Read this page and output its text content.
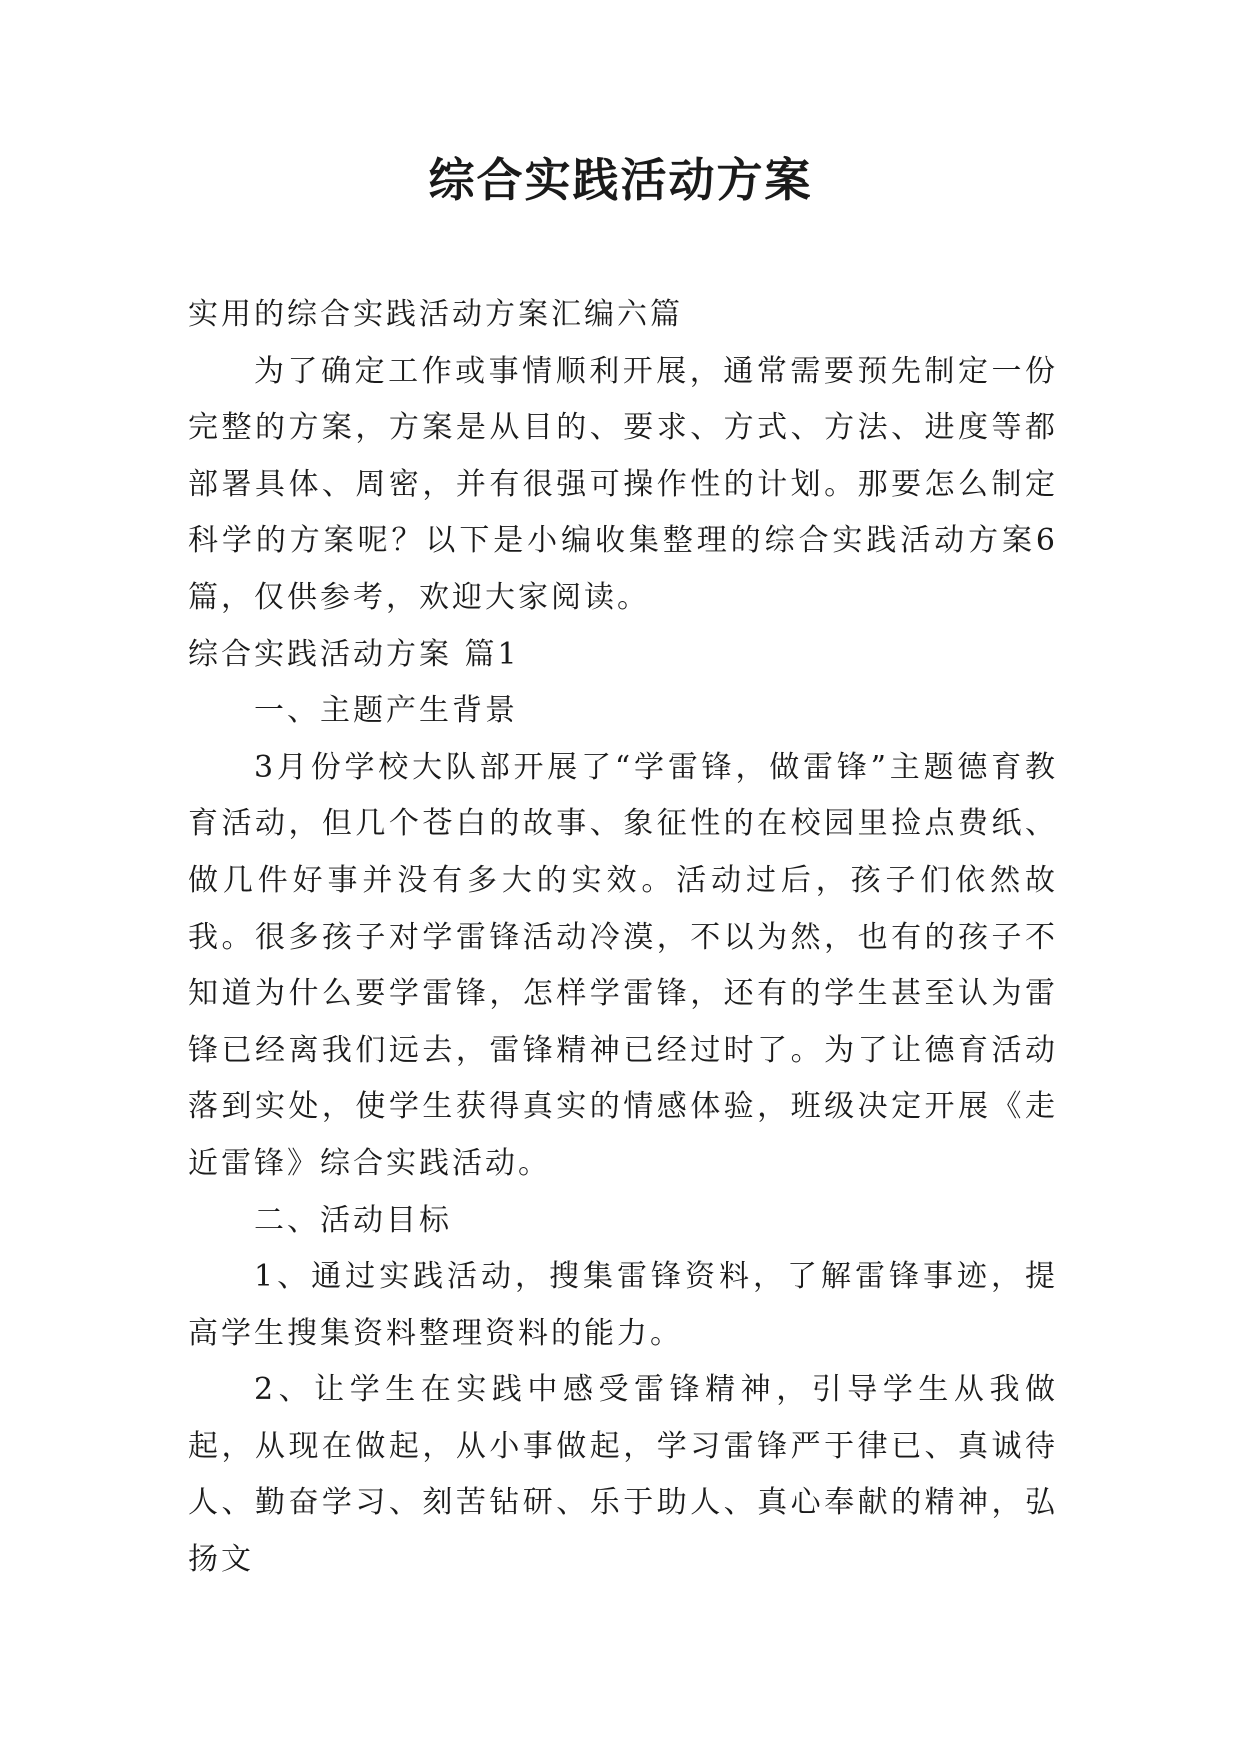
综合实践活动方案

实用的综合实践活动方案汇编六篇

为了确定工作或事情顺利开展，通常需要预先制定一份完整的方案，方案是从目的、要求、方式、方法、进度等都部署具体、周密，并有很强可操作性的计划。那要怎么制定科学的方案呢？以下是小编收集整理的综合实践活动方案6篇，仅供参考，欢迎大家阅读。

综合实践活动方案 篇1

一、主题产生背景

3月份学校大队部开展了“学雷锋，做雷锋”主题德育教育活动，但几个苍白的故事、象征性的在校园里捡点费纸、做几件好事并没有多大的实效。活动过后，孩子们依然故我。很多孩子对学雷锋活动冷漠，不以为然，也有的孩子不知道为什么要学雷锋，怎样学雷锋，还有的学生甚至认为雷锋已经离我们远去，雷锋精神已经过时了。为了让德育活动落到实处，使学生获得真实的情感体验，班级决定开展《走近雷锋》综合实践活动。

二、活动目标

1、通过实践活动，搜集雷锋资料，了解雷锋事迹，提高学生搜集资料整理资料的能力。

2、让学生在实践中感受雷锋精神，引导学生从我做起，从现在做起，从小事做起，学习雷锋严于律已、真诚待人、勤奋学习、刻苦钻研、乐于助人、真心奉献的精神，弘扬文
